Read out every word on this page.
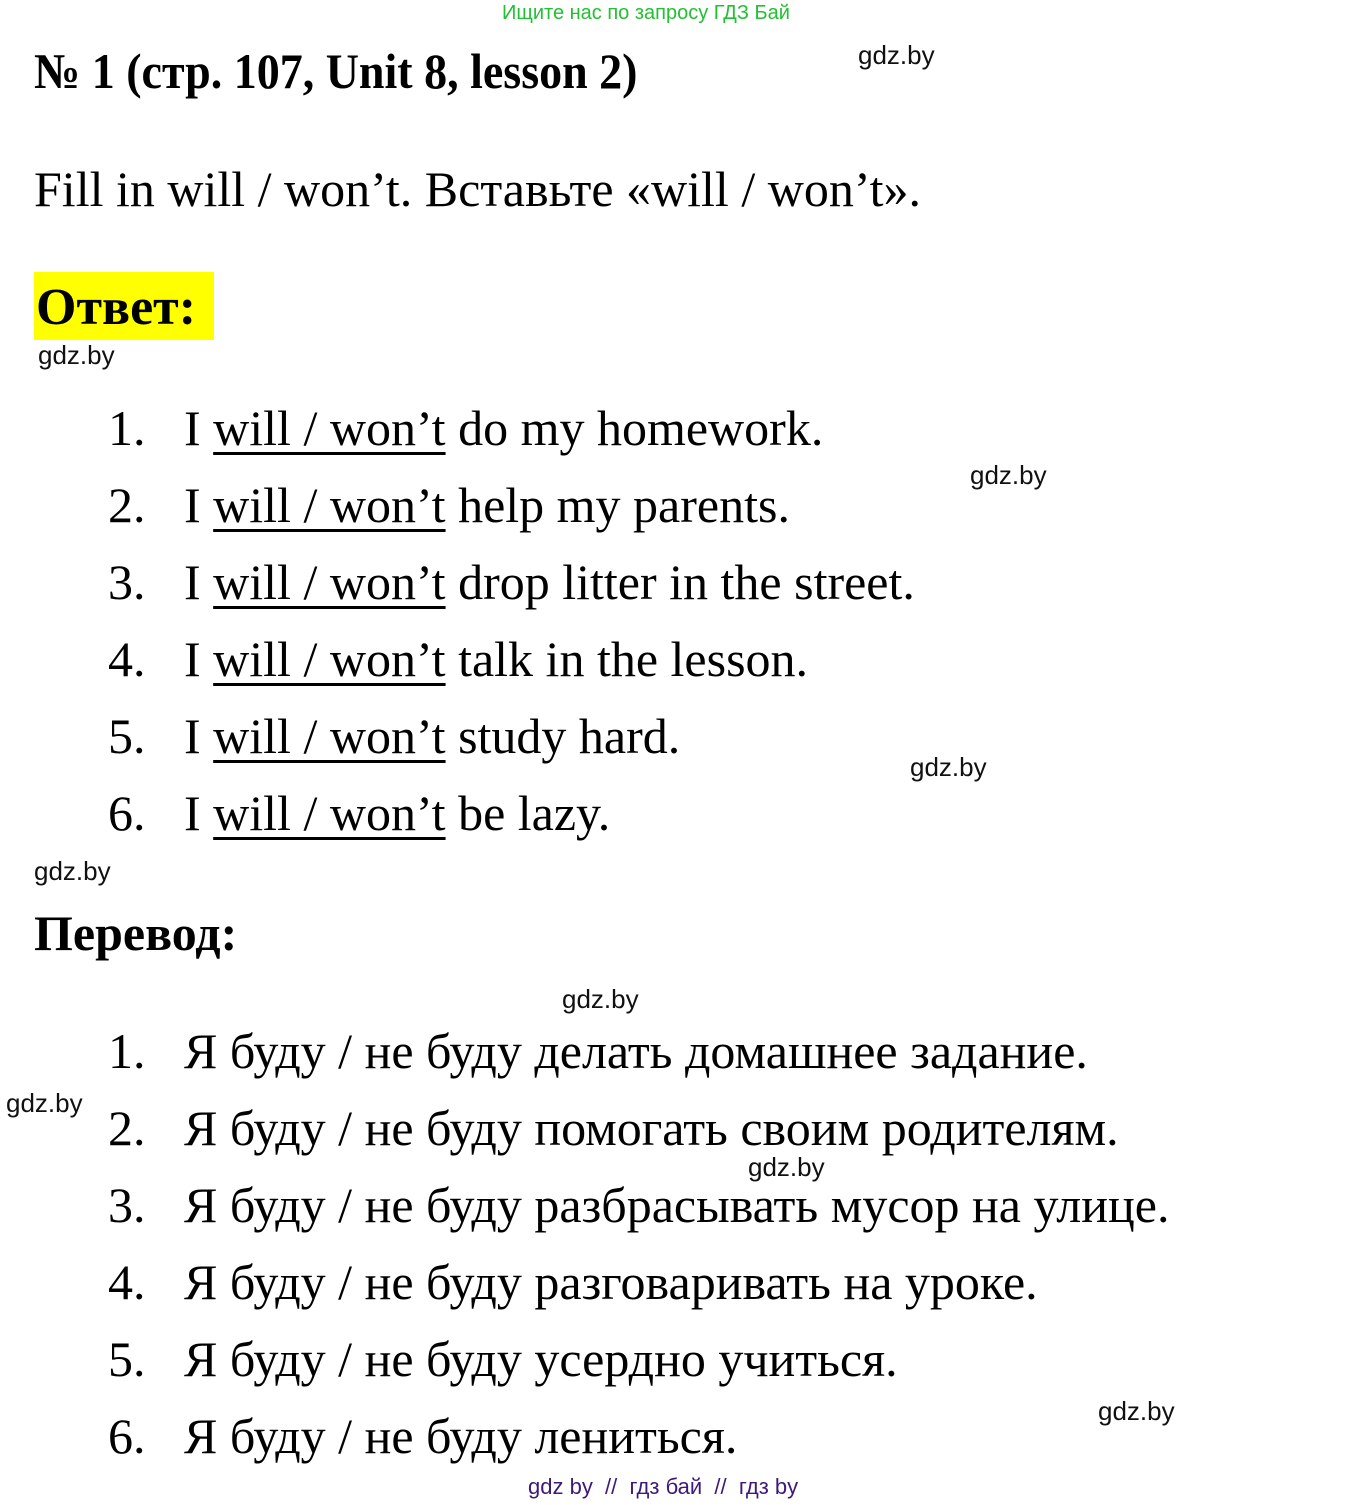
Ищите нас по запросу ГДЗ Бай
№ 1 (стр. 107, Unit 8, lesson 2)	gdz.by
Fill in will / won’t. Вставьте «will / won’t».
Ответ:
gdz.by
1. I will / won’t do my homework.
2. I will / won’t help my parents.
3. I will / won’t drop litter in the street.
4. I will / won’t talk in the lesson.
5. I will / won’t study hard.
6. I will / won’t be lazy.
gdz.by
gdz.by
gdz.by
Перевод:
gdz.by
1. Я буду / не буду делать домашнее задание.
2. Я буду / не буду помогать своим родителям.
3. Я буду / не буду разбрасывать мусор на улице.
4. Я буду / не буду разговаривать на уроке.
5. Я буду / не буду усердно учиться.
6. Я буду / не буду лениться.
gdz.by
gdz.by
gdz.by
gdz by  //  гдз бай  //  гдз by
